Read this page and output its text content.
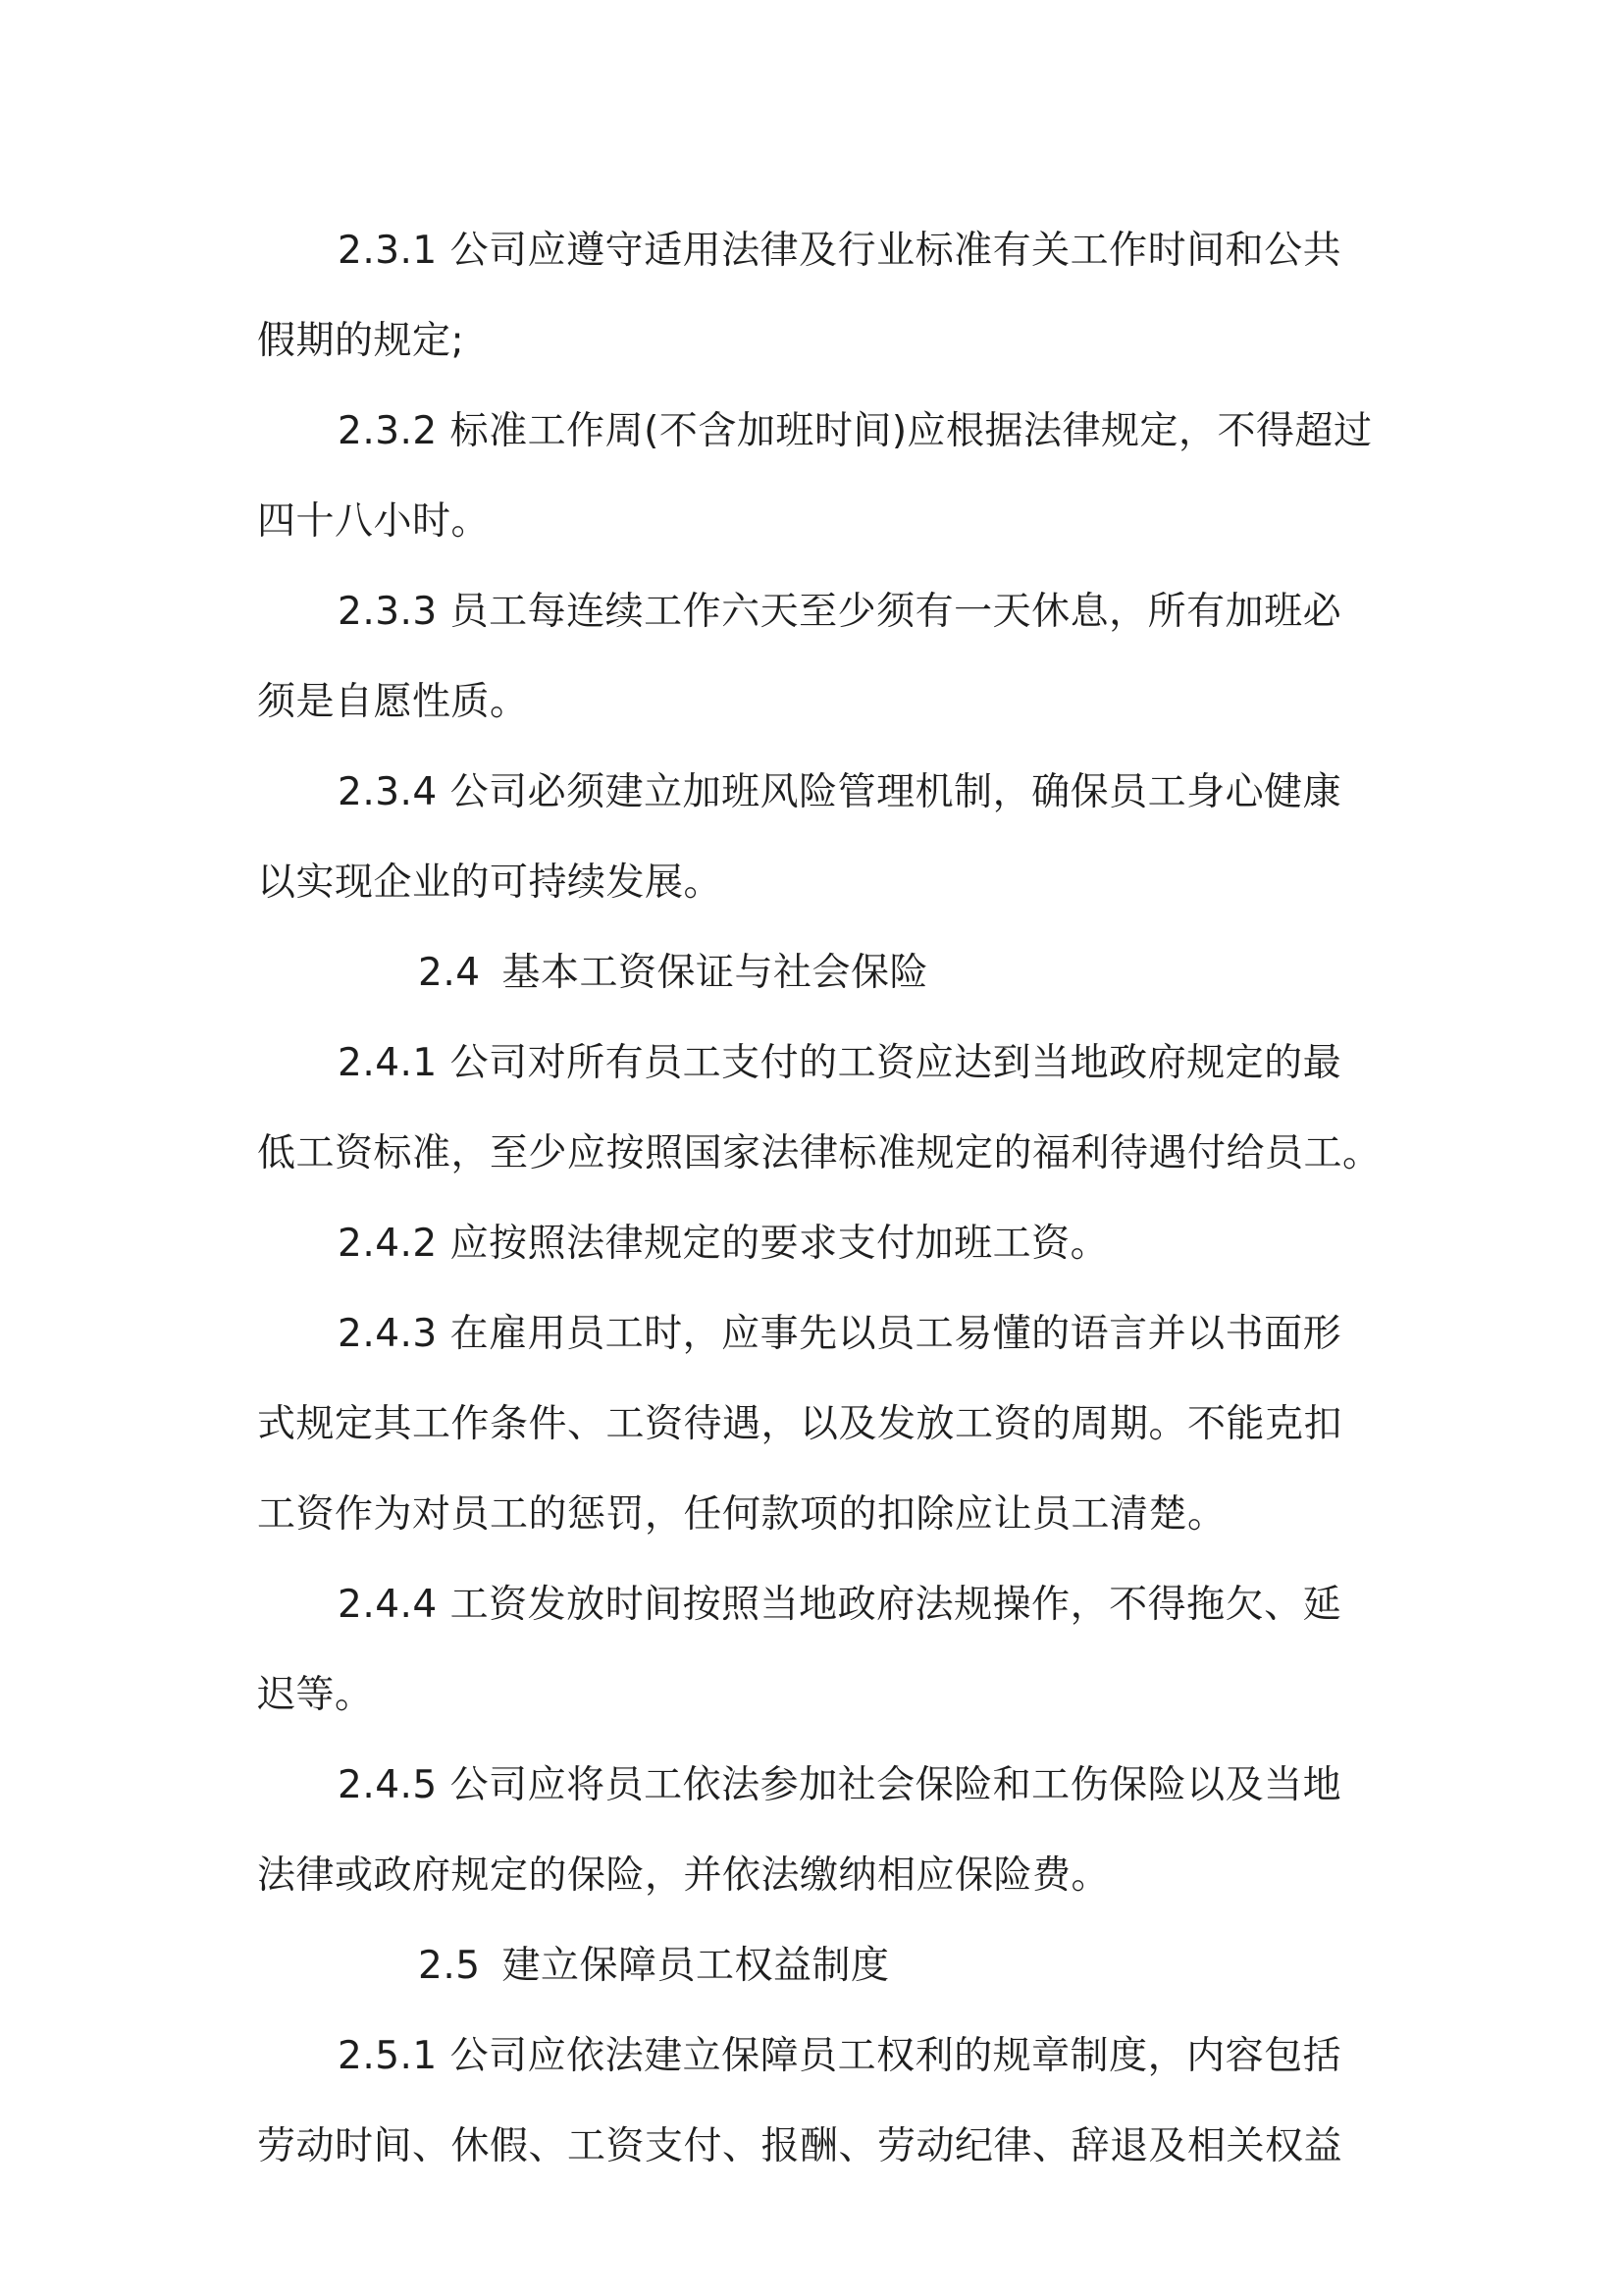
2.3.1 公司应遵守适用法律及行业标准有关工作时间和公共
假期的规定;

2.3.2 标准工作周(不含加班时间)应根据法律规定，不得超过
四十八小时。

2.3.3 员工每连续工作六天至少须有一天休息，所有加班必
须是自愿性质。

2.3.4 公司必须建立加班风险管理机制，确保员工身心健康
以实现企业的可持续发展。

2.4 基本工资保证与社会保险

2.4.1 公司对所有员工支付的工资应达到当地政府规定的最
低工资标准，至少应按照国家法律标准规定的福利待遇付给员工。

2.4.2 应按照法律规定的要求支付加班工资。

2.4.3 在雇用员工时，应事先以员工易懂的语言并以书面形
式规定其工作条件、工资待遇，以及发放工资的周期。不能克扣
工资作为对员工的惩罚，任何款项的扣除应让员工清楚。

2.4.4 工资发放时间按照当地政府法规操作，不得拖欠、延
迟等。

2.4.5 公司应将员工依法参加社会保险和工伤保险以及当地
法律或政府规定的保险，并依法缴纳相应保险费。

2.5 建立保障员工权益制度

2.5.1 公司应依法建立保障员工权利的规章制度，内容包括
劳动时间、休假、工资支付、报酬、劳动纪律、辞退及相关权益
